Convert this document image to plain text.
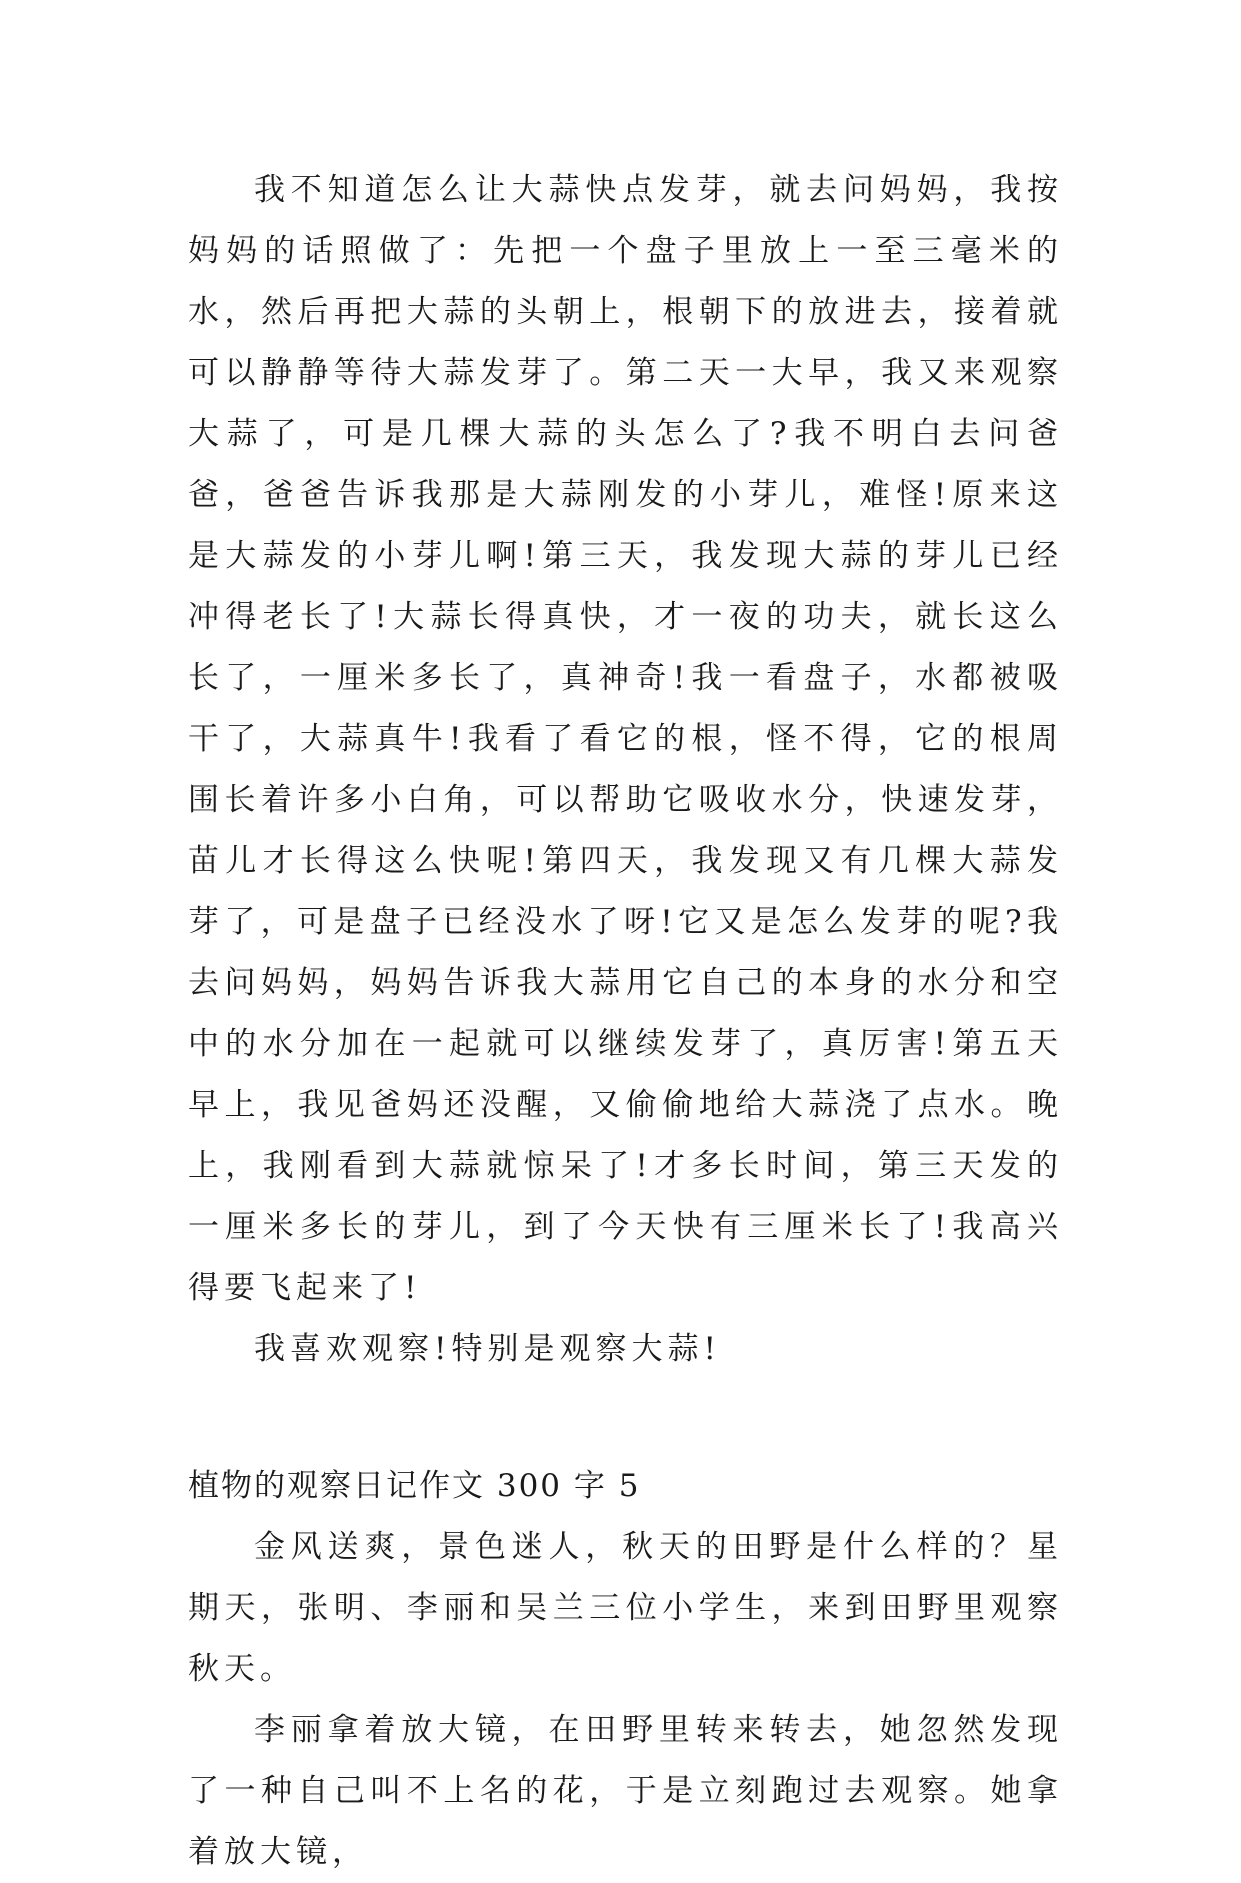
我不知道怎么让大蒜快点发芽，就去问妈妈，我按妈妈的话照做了：先把一个盘子里放上一至三毫米的水，然后再把大蒜的头朝上，根朝下的放进去，接着就可以静静等待大蒜发芽了。第二天一大早，我又来观察大蒜了，可是几棵大蒜的头怎么了?我不明白去问爸爸，爸爸告诉我那是大蒜刚发的小芽儿，难怪!原来这是大蒜发的小芽儿啊!第三天，我发现大蒜的芽儿已经冲得老长了!大蒜长得真快，才一夜的功夫，就长这么长了，一厘米多长了，真神奇!我一看盘子，水都被吸干了，大蒜真牛!我看了看它的根，怪不得，它的根周围长着许多小白角，可以帮助它吸收水分，快速发芽，苗儿才长得这么快呢!第四天，我发现又有几棵大蒜发芽了，可是盘子已经没水了呀!它又是怎么发芽的呢?我去问妈妈，妈妈告诉我大蒜用它自己的本身的水分和空中的水分加在一起就可以继续发芽了，真厉害!第五天早上，我见爸妈还没醒，又偷偷地给大蒜浇了点水。晚上，我刚看到大蒜就惊呆了!才多长时间，第三天发的一厘米多长的芽儿，到了今天快有三厘米长了!我高兴得要飞起来了!

我喜欢观察!特别是观察大蒜!

植物的观察日记作文 300 字 5

金风送爽，景色迷人，秋天的田野是什么样的？星期天，张明、李丽和吴兰三位小学生，来到田野里观察秋天。

李丽拿着放大镜，在田野里转来转去，她忽然发现了一种自己叫不上名的花，于是立刻跑过去观察。她拿着放大镜，
